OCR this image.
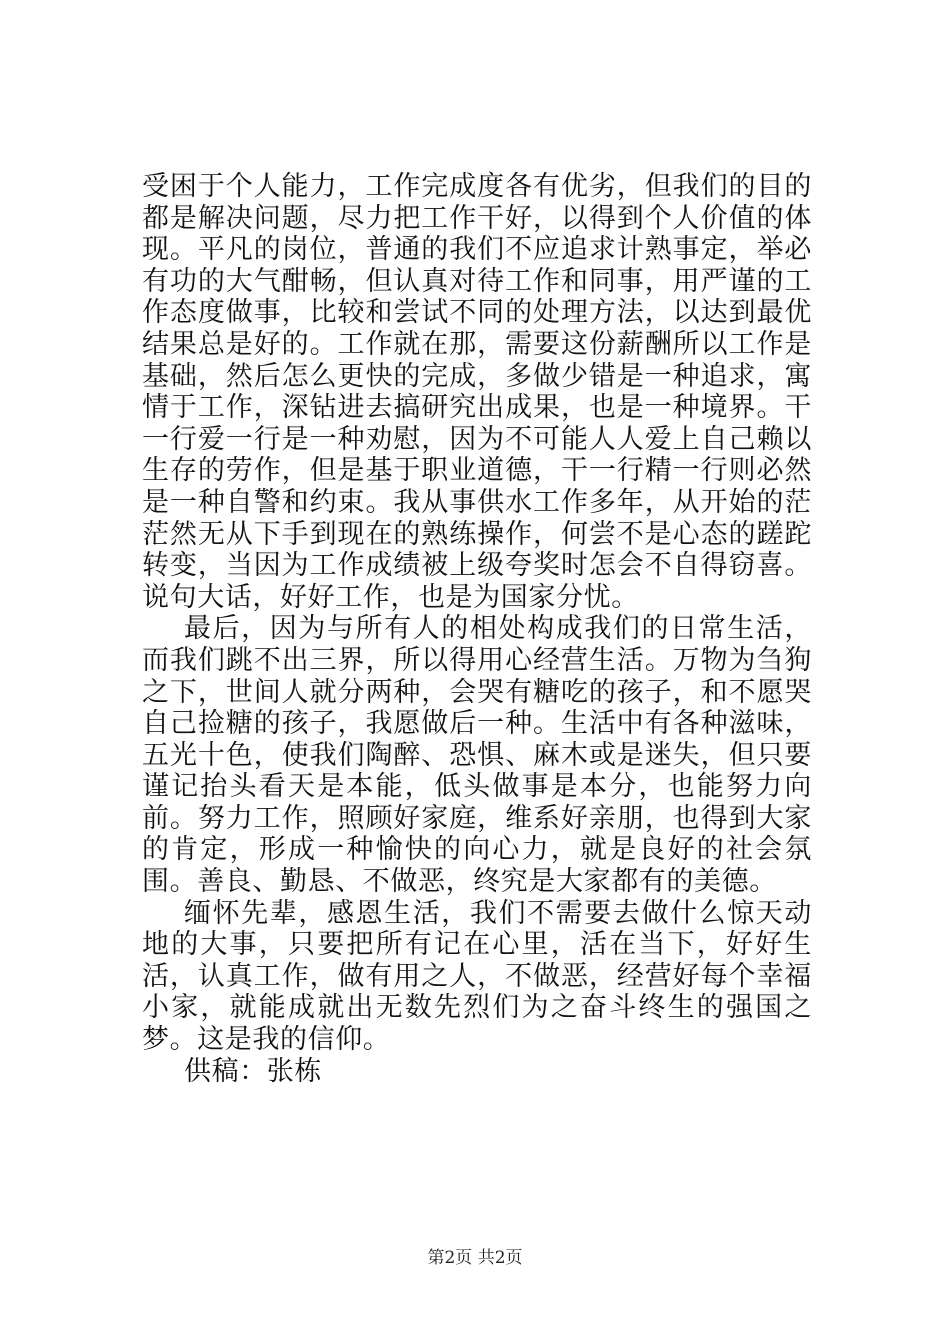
受困于个人能力，工作完成度各有优劣，但我们的目的都是解决问题，尽力把工作干好，以得到个人价值的体现。平凡的岗位，普通的我们不应追求计熟事定，举必有功的大气酣畅，但认真对待工作和同事，用严谨的工作态度做事，比较和尝试不同的处理方法，以达到最优结果总是好的。工作就在那，需要这份薪酬所以工作是基础，然后怎么更快的完成，多做少错是一种追求，寓情于工作，深钻进去搞研究出成果，也是一种境界。干一行爱一行是一种劝慰，因为不可能人人爱上自己赖以生存的劳作，但是基于职业道德，干一行精一行则必然是一种自警和约束。我从事供水工作多年，从开始的茫茫然无从下手到现在的熟练操作，何尝不是心态的蹉跎转变，当因为工作成绩被上级夸奖时怎会不自得窃喜。说句大话，好好工作，也是为国家分忧。

最后，因为与所有人的相处构成我们的日常生活，而我们跳不出三界，所以得用心经营生活。万物为刍狗之下，世间人就分两种，会哭有糖吃的孩子，和不愿哭自己捡糖的孩子，我愿做后一种。生活中有各种滋味，五光十色，使我们陶醉、恐惧、麻木或是迷失，但只要谨记抬头看天是本能，低头做事是本分，也能努力向前。努力工作，照顾好家庭，维系好亲朋，也得到大家的肯定，形成一种愉快的向心力，就是良好的社会氛围。善良、勤恳、不做恶，终究是大家都有的美德。

缅怀先辈，感恩生活，我们不需要去做什么惊天动地的大事，只要把所有记在心里，活在当下，好好生活，认真工作，做有用之人，不做恶，经营好每个幸福小家，就能成就出无数先烈们为之奋斗终生的强国之梦。这是我的信仰。

供稿：张栋

第2页 共2页
